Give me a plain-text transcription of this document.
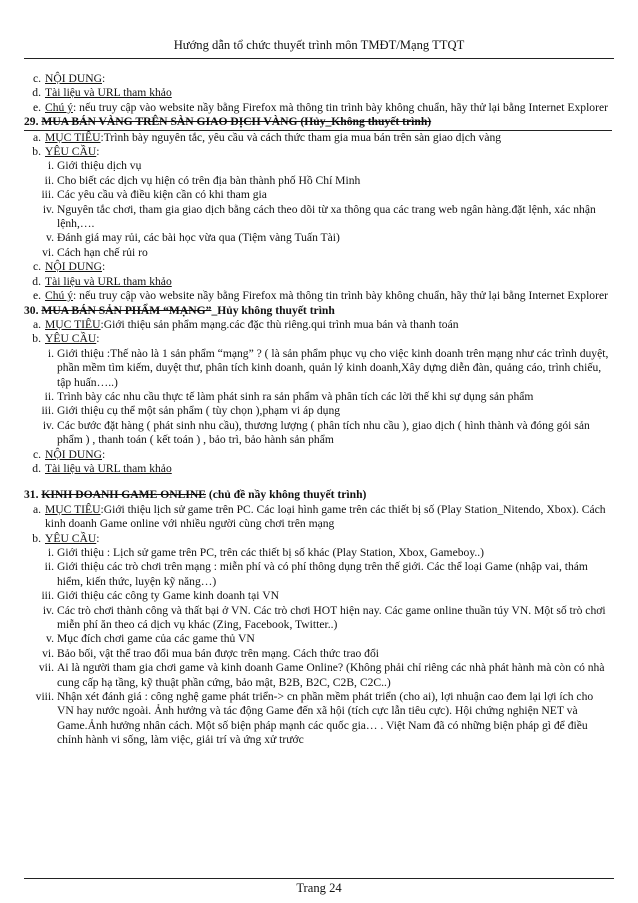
Hướng dẫn tổ chức thuyết trình môn TMĐT/Mạng TTQT
c. NỘI DUNG:
d. Tài liệu và URL tham khảo
e. Chú ý: nếu truy cập vào website nầy bằng Firefox mà thông tin trình bày không chuẩn, hãy thử lại bằng Internet Explorer
29. MUA BÁN VÀNG TRÊN SÀN GIAO DỊCH VÀNG (Hủy_Không thuyết trình)
a. MỤC TIÊU:Trình bày nguyên tắc, yêu cầu và cách thức tham gia mua bán trên sàn giao dịch vàng
b. YÊU CẦU:
i. Giới thiệu dịch vụ
ii. Cho biết các dịch vụ hiện có trên địa bàn thành phố Hồ Chí Minh
iii. Các yêu cầu và điều kiện cần có khi tham gia
iv. Nguyên tắc chơi, tham gia giao dịch bằng cách theo dõi từ xa thông qua các trang web ngân hàng.đặt lệnh, xác nhận lệnh,….
v. Đánh giá may rủi, các bài học vừa qua (Tiệm vàng Tuấn Tài)
vi. Cách hạn chế rủi ro
c. NỘI DUNG:
d. Tài liệu và URL tham khảo
e. Chú ý: nếu truy cập vào website nầy bằng Firefox mà thông tin trình bày không chuẩn, hãy thử lại bằng Internet Explorer
30. MUA BÁN SẢN PHẨM “MẠNG”_Hủy không thuyết trình
a. MỤC TIÊU:Giới thiệu sản phẩm mạng.các đặc thù riêng.qui trình mua bán và thanh toán
b. YÊU CẦU:
i. Giới thiệu :Thế nào là 1 sản phẩm “mạng” ? ( là sản phẩm phục vụ cho việc kinh doanh trên mạng như các trình duyệt, phần mềm tìm kiếm, duyệt thư, phân tích kinh doanh, quản lý kinh doanh,Xây dựng diễn đàn, quảng cáo, trình chiếu, tập huấn…..)
ii. Trình bày các nhu cầu thực tế làm phát sinh ra sản phẩm và phân tích các lời thế khi sự dụng sản phẩm
iii. Giới thiệu cụ thể một sản phẩm ( tùy chọn ),phạm vi áp dụng
iv. Các bước đặt hàng ( phát sinh nhu cầu), thương lượng ( phân tích nhu cầu ), giao dịch ( hình thành và đóng gói sản phẩm ) , thanh toán ( kết toán ) , bảo trì, bảo hành sản phẩm
c. NỘI DUNG:
d. Tài liệu và URL tham khảo
31. KINH DOANH GAME ONLINE (chủ đề nầy không thuyết trình)
a. MỤC TIÊU:Giới thiệu lịch sử game trên PC. Các loại hình game trên các thiết bị số (Play Station_Nitendo, Xbox). Cách kinh doanh Game online với nhiều người cùng chơi trên mạng
b. YÊU CẦU:
i. Giới thiệu : Lịch sử game trên PC, trên các thiết bị số khác (Play Station, Xbox, Gameboy..)
ii. Giới thiệu các trò chơi trên mạng : miễn phí và có phí thông dụng trên thế giới. Các thể loại Game (nhập vai, thám hiểm, kiến thức, luyện kỹ năng…)
iii. Giới thiệu các công ty Game kinh doanh tại VN
iv. Các trò chơi thành công và thất bại ở VN. Các trò chơi HOT hiện nay. Các game online thuần túy VN. Một số trò chơi miễn phí ăn theo cá dịch vụ khác (Zing, Facebook, Twitter..)
v. Mục đích chơi game của các game thủ VN
vi. Bảo bối, vật thể trao đổi mua bán được trên mạng. Cách thức trao đổi
vii. Ai là người tham gia chơi game và kinh doanh Game Online? (Không phải chỉ riêng các nhà phát hành mà còn có nhà cung cấp hạ tầng, kỹ thuật phần cứng, bảo mật, B2B, B2C, C2B, C2C..)
viii. Nhận xét đánh giá : công nghệ game phát triển-> cn phần mềm phát triển (cho ai), lợi nhuận cao đem lại lợi ích cho VN hay nước ngoài. Ảnh hưởng và tác động Game đến xã hội (tích cực lẫn tiêu cực). Hội chứng nghiện NET và Game.Ảnh hưởng nhân cách. Một số biện pháp mạnh các quốc gia… . Việt Nam đã có những biện pháp gì để điều chỉnh hành vi sống, làm việc, giải trí và ứng xử trước
Trang 24
